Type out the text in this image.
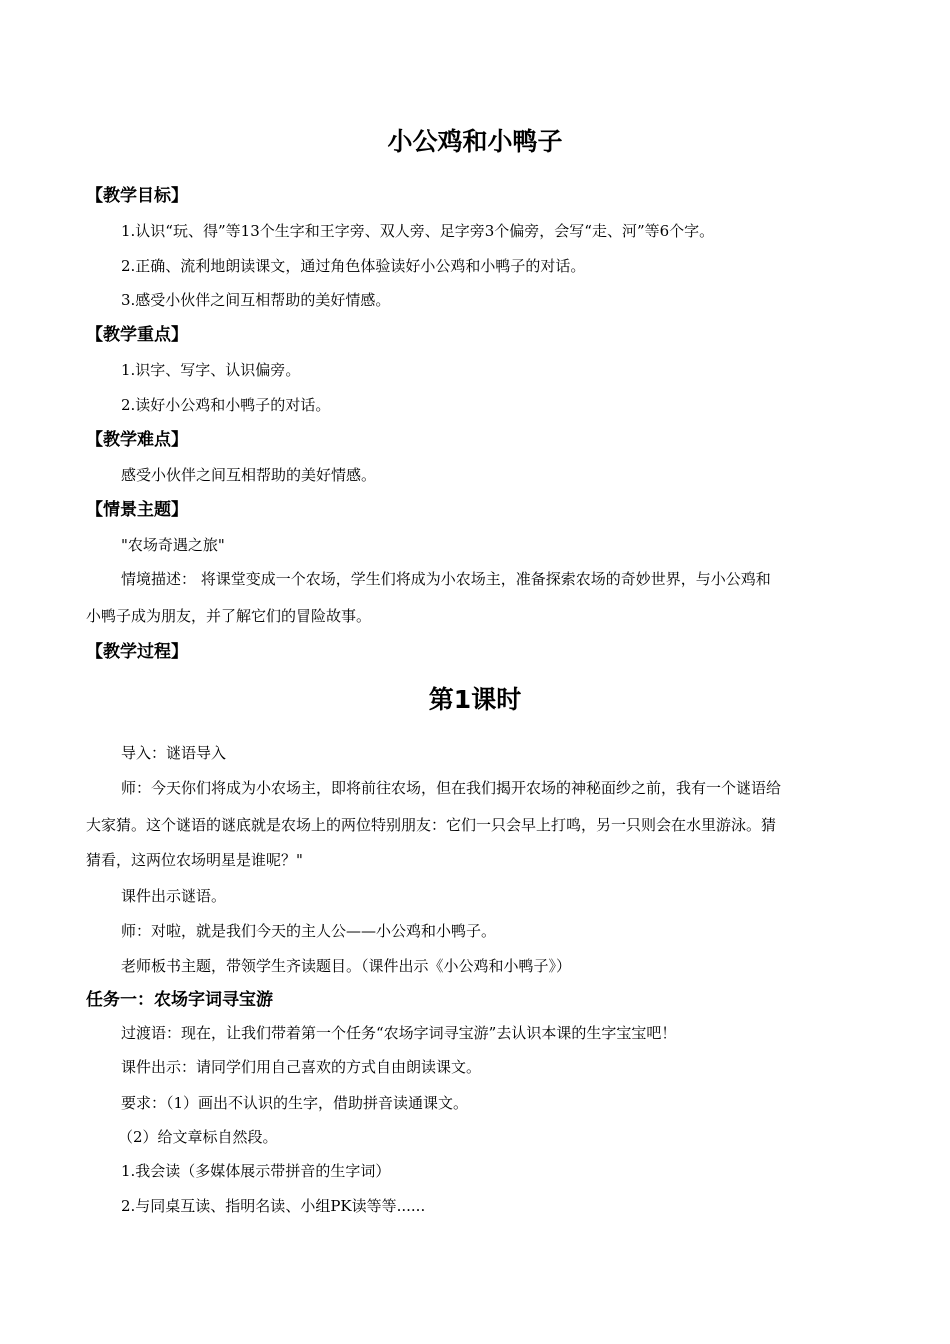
小公鸡和小鸭子
【教学目标】
1.认识“玩、得”等13个生字和王字旁、双人旁、足字旁3个偏旁，会写“走、河”等6个字。
2.正确、流利地朗读课文，通过角色体验读好小公鸡和小鸭子的对话。
3.感受小伙伴之间互相帮助的美好情感。
【教学重点】
1.识字、写字、认识偏旁。
2.读好小公鸡和小鸭子的对话。
【教学难点】
感受小伙伴之间互相帮助的美好情感。
【情景主题】
"农场奇遇之旅"
情境描述： 将课堂变成一个农场，学生们将成为小农场主，准备探索农场的奇妙世界，与小公鸡和
小鸭子成为朋友，并了解它们的冒险故事。
【教学过程】
第1课时
导入：谜语导入
师：今天你们将成为小农场主，即将前往农场，但在我们揭开农场的神秘面纱之前，我有一个谜语给
大家猜。这个谜语的谜底就是农场上的两位特别朋友：它们一只会早上打鸣，另一只则会在水里游泳。猜
猜看，这两位农场明星是谁呢？"
课件出示谜语。
师：对啦，就是我们今天的主人公——小公鸡和小鸭子。
老师板书主题，带领学生齐读题目。（课件出示《小公鸡和小鸭子》）
任务一：农场字词寻宝游
过渡语：现在，让我们带着第一个任务“农场字词寻宝游”去认识本课的生字宝宝吧！
课件出示：请同学们用自己喜欢的方式自由朗读课文。
要求：（1）画出不认识的生字，借助拼音读通课文。
（2）给文章标自然段。
1.我会读（多媒体展示带拼音的生字词）
2.与同桌互读、指明名读、小组PK读等等......
